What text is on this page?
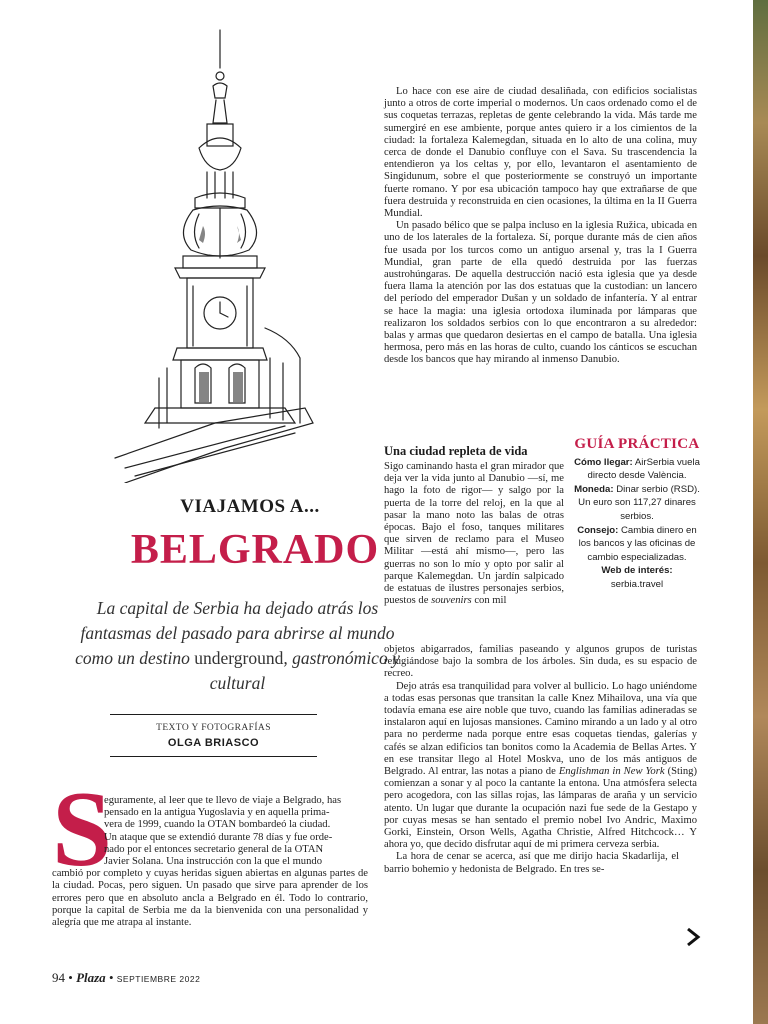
VIAJAMOS A...
BELGRADO
La capital de Serbia ha dejado atrás los fantasmas del pasado para abrirse al mundo como un destino underground, gastronómico y cultural
TEXTO Y FOTOGRAFÍAS
OLGA BRIASCO
S
eguramente, al leer que te llevo de viaje a Belgrado, has
pensado en la antigua Yugoslavia y en aquella prima-
vera de 1999, cuando la OTAN bombardeó la ciudad.
Un ataque que se extendió durante 78 días y fue orde-
nado por el entonces secretario general de la OTAN
Javier Solana. Una instrucción con la que el mundo
cambió por completo y cuyas heridas siguen abiertas en algunas partes de la ciudad. Pocas, pero siguen. Un pasado que sirve para aprender de los errores pero que en absoluto ancla a Belgrado en él. Todo lo contrario, porque la capital de Serbia me da la bienvenida con una personalidad y alegría que me atrapa al instante.

Lo hace con ese aire de ciudad desaliñada, con edificios socialistas junto a otros de corte imperial o modernos. Un caos ordenado como el de sus coquetas terrazas, repletas de gente celebrando la vida. Más tarde me sumergiré en ese ambiente, porque antes quiero ir a los cimientos de la ciudad: la fortaleza Kalemegdan, situada en lo alto de una colina, muy cerca de donde el Danubio confluye con el Sava. Su trascendencia la entendieron ya los celtas y, por ello, levantaron el asentamiento de Singidunum, sobre el que posteriormente se construyó un importante fuerte romano. Y por esa ubicación tampoco hay que extrañarse de que fuera destruida y reconstruida en cien ocasiones, la última en la II Guerra Mundial.

Un pasado bélico que se palpa incluso en la iglesia Ružica, ubicada en uno de los laterales de la fortaleza. Sí, porque durante más de cien años fue usada por los turcos como un antiguo arsenal y, tras la I Guerra Mundial, gran parte de ella quedó destruida por las fuerzas austrohúngaras. De aquella destrucción nació esta iglesia que ya desde fuera llama la atención por las dos estatuas que la custodian: un lancero del período del emperador Dušan y un soldado de infantería. Y al entrar se hace la magia: una iglesia ortodoxa iluminada por lámparas que realizaron los soldados serbios con lo que encontraron a su alrededor: balas y armas que quedaron desiertas en el campo de batalla. Una iglesia hermosa, pero más en las horas de culto, cuando los cánticos se escuchan desde los bancos que hay mirando al inmenso Danubio.

Una ciudad repleta de vida

Sigo caminando hasta el gran mirador que deja ver la vida junto al Danubio —sí, me hago la foto de rigor— y salgo por la puerta de la torre del reloj, en la que al pasar la mano noto las balas de otras épocas. Bajo el foso, tanques militares que sirven de reclamo para el Museo Militar —está ahí mismo—, pero las guerras no son lo mío y opto por salir al parque Kalemegdan. Un jardín salpicado de estatuas de ilustres personajes serbios, puestos de souvenirs con mil

GUÍA PRÁCTICA
Cómo llegar: AirSerbia vuela directo desde València.
Moneda: Dinar serbio (RSD). Un euro son 117,27 dinares serbios.
Consejo: Cambia dinero en los bancos y las oficinas de cambio especializadas.
Web de interés:
serbia.travel

objetos abigarrados, familias paseando y algunos grupos de turistas refugiándose bajo la sombra de los árboles. Sin duda, es su espacio de recreo.

Dejo atrás esa tranquilidad para volver al bullicio. Lo hago uniéndome a todas esas personas que transitan la calle Knez Mihailova, una vía que todavía emana ese aire noble que tuvo, cuando las familias adineradas se instalaron aquí en lujosas mansiones. Camino mirando a un lado y al otro para no perderme nada porque entre esas coquetas tiendas, galerías y cafés se alzan edificios tan bonitos como la Academia de Bellas Artes. Y en ese transitar llego al Hotel Moskva, uno de los más antiguos de Belgrado. Al entrar, las notas a piano de Englishman in New York (Sting) comienzan a sonar y al poco la cantante la entona. Una atmósfera selecta pero acogedora, con las sillas rojas, las lámparas de araña y un servicio atento. Un lugar que durante la ocupación nazi fue sede de la Gestapo y por cuyas mesas se han sentado el premio nobel Ivo Andric, Maximo Gorki, Einstein, Orson Wells, Agatha Christie, Alfred Hitchcock… Y ahora yo, que decido disfrutar aquí de mi primera cerveza serbia.

La hora de cenar se acerca, así que me dirijo hacia Skadarlija, el barrio bohemio y hedonista de Belgrado. En tres se-

94 • Plaza • SEPTIEMBRE 2022
